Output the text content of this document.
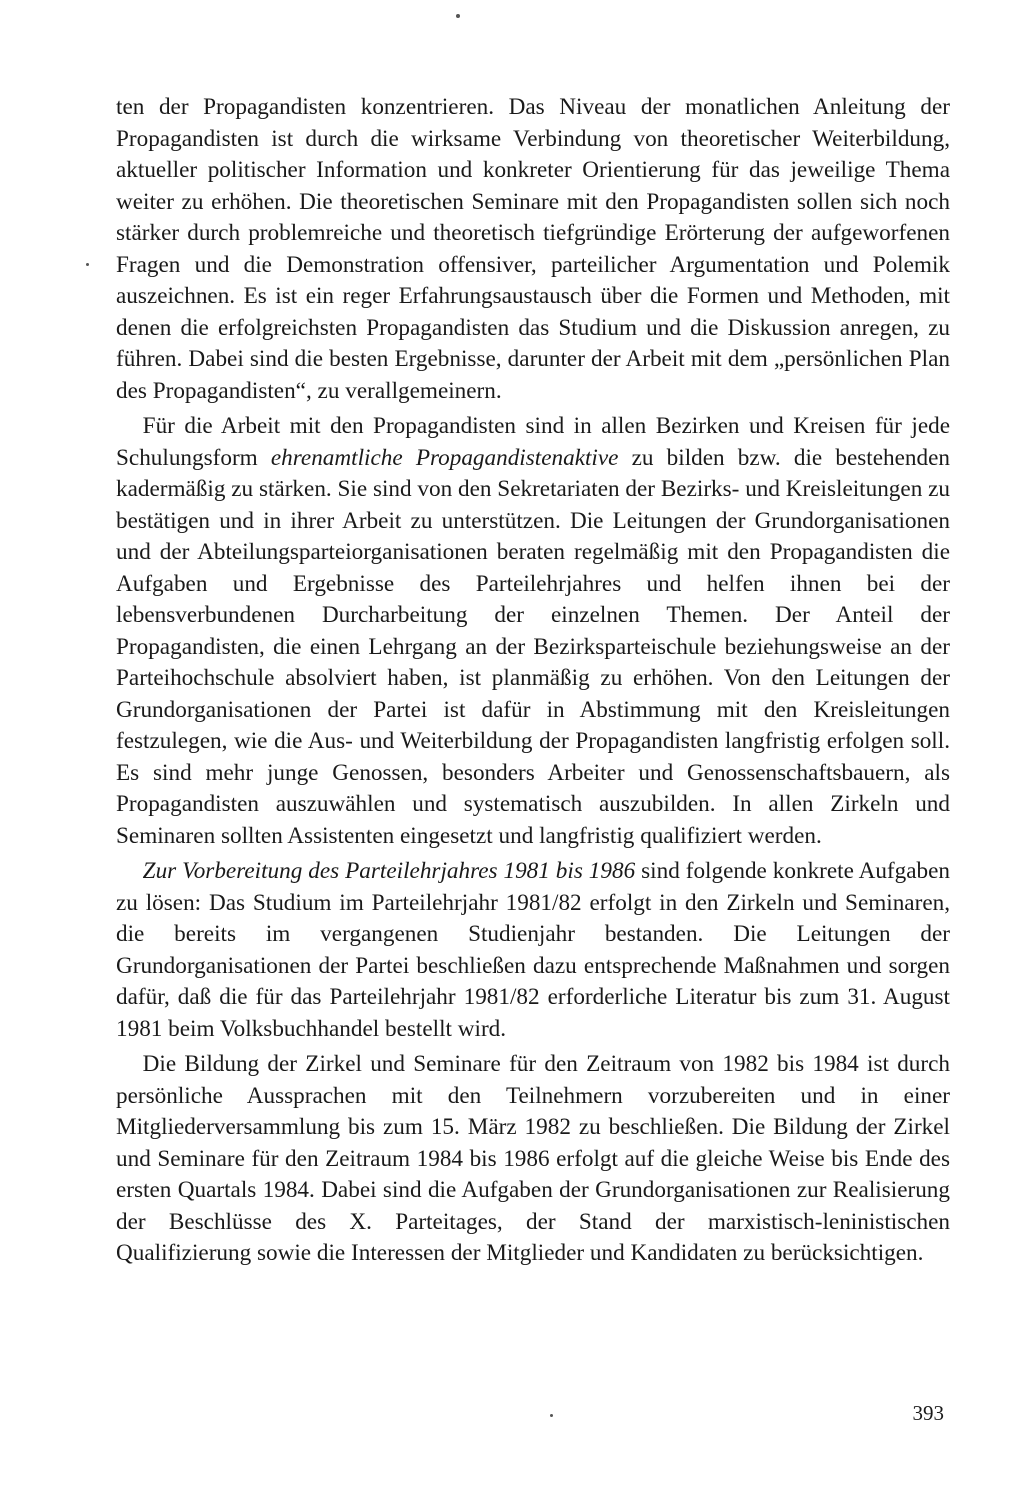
ten der Propagandisten konzentrieren. Das Niveau der monatlichen Anleitung der Propagandisten ist durch die wirksame Verbindung von theoretischer Weiterbildung, aktueller politischer Information und konkreter Orientierung für das jeweilige Thema weiter zu erhöhen. Die theoretischen Seminare mit den Propagandisten sollen sich noch stärker durch problemreiche und theoretisch tiefgründige Erörterung der aufgeworfenen Fragen und die Demonstration offensiver, parteilicher Argumentation und Polemik auszeichnen. Es ist ein reger Erfahrungsaustausch über die Formen und Methoden, mit denen die erfolgreichsten Propagandisten das Studium und die Diskussion anregen, zu führen. Dabei sind die besten Ergebnisse, darunter der Arbeit mit dem „persönlichen Plan des Propagandisten“, zu verallgemeinern.

Für die Arbeit mit den Propagandisten sind in allen Bezirken und Kreisen für jede Schulungsform ehrenamtliche Propagandistenaktive zu bilden bzw. die bestehenden kadermäßig zu stärken. Sie sind von den Sekretariaten der Bezirks- und Kreisleitungen zu bestätigen und in ihrer Arbeit zu unterstützen. Die Leitungen der Grundorganisationen und der Abteilungsparteiorganisationen beraten regelmäßig mit den Propagandisten die Aufgaben und Ergebnisse des Parteilehrjahres und helfen ihnen bei der lebensverbundenen Durcharbeitung der einzelnen Themen. Der Anteil der Propagandisten, die einen Lehrgang an der Bezirksparteischule beziehungsweise an der Parteihochschule absolviert haben, ist planmäßig zu erhöhen. Von den Leitungen der Grundorganisationen der Partei ist dafür in Abstimmung mit den Kreisleitungen festzulegen, wie die Aus- und Weiterbildung der Propagandisten langfristig erfolgen soll. Es sind mehr junge Genossen, besonders Arbeiter und Genossenschaftsbauern, als Propagandisten auszuwählen und systematisch auszubilden. In allen Zirkeln und Seminaren sollten Assistenten eingesetzt und langfristig qualifiziert werden.

Zur Vorbereitung des Parteilehrjahres 1981 bis 1986 sind folgende konkrete Aufgaben zu lösen: Das Studium im Parteilehrjahr 1981/82 erfolgt in den Zirkeln und Seminaren, die bereits im vergangenen Studienjahr bestanden. Die Leitungen der Grundorganisationen der Partei beschließen dazu entsprechende Maßnahmen und sorgen dafür, daß die für das Parteilehrjahr 1981/82 erforderliche Literatur bis zum 31. August 1981 beim Volksbuchhandel bestellt wird.

Die Bildung der Zirkel und Seminare für den Zeitraum von 1982 bis 1984 ist durch persönliche Aussprachen mit den Teilnehmern vorzubereiten und in einer Mitgliederversammlung bis zum 15. März 1982 zu beschließen. Die Bildung der Zirkel und Seminare für den Zeitraum 1984 bis 1986 erfolgt auf die gleiche Weise bis Ende des ersten Quartals 1984. Dabei sind die Aufgaben der Grundorganisationen zur Realisierung der Beschlüsse des X. Parteitages, der Stand der marxistisch-leninistischen Qualifizierung sowie die Interessen der Mitglieder und Kandidaten zu berücksichtigen.

393
